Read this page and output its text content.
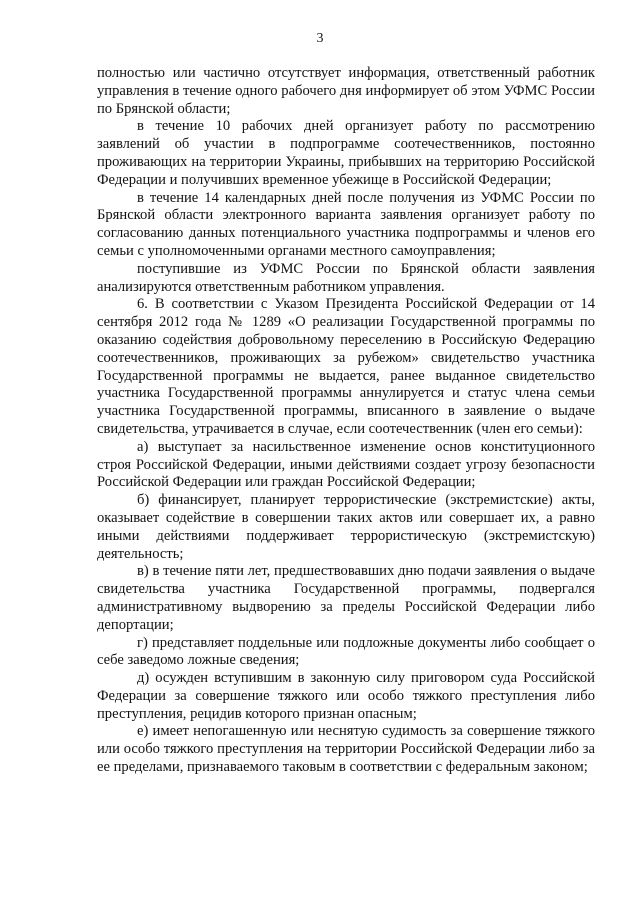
3

полностью или частично отсутствует информация, ответственный работник управления в течение одного рабочего дня информирует об этом УФМС России по Брянской области;

в течение 10 рабочих дней организует работу по рассмотрению заявлений об участии в подпрограмме соотечественников, постоянно проживающих на территории Украины, прибывших на территорию Российской Федерации и получивших временное убежище в Российской Федерации;

в течение 14 календарных дней после получения из УФМС России по Брянской области электронного варианта заявления организует работу по согласованию данных потенциального участника подпрограммы и членов его семьи с уполномоченными органами местного самоуправления;

поступившие из УФМС России по Брянской области заявления анализируются ответственным работником управления.

6. В соответствии с Указом Президента Российской Федерации от 14 сентября 2012 года № 1289 «О реализации Государственной программы по оказанию содействия добровольному переселению в Российскую Федерацию соотечественников, проживающих за рубежом» свидетельство участника Государственной программы не выдается, ранее выданное свидетельство участника Государственной программы аннулируется и статус члена семьи участника Государственной программы, вписанного в заявление о выдаче свидетельства, утрачивается в случае, если соотечественник (член его семьи):

а) выступает за насильственное изменение основ конституционного строя Российской Федерации, иными действиями создает угрозу безопасности Российской Федерации или граждан Российской Федерации;

б) финансирует, планирует террористические (экстремистские) акты, оказывает содействие в совершении таких актов или совершает их, а равно иными действиями поддерживает террористическую (экстремистскую) деятельность;

в) в течение пяти лет, предшествовавших дню подачи заявления о выдаче свидетельства участника Государственной программы, подвергался административному выдворению за пределы Российской Федерации либо депортации;

г) представляет поддельные или подложные документы либо сообщает о себе заведомо ложные сведения;

д) осужден вступившим в законную силу приговором суда Российской Федерации за совершение тяжкого или особо тяжкого преступления либо преступления, рецидив которого признан опасным;

е) имеет непогашенную или неснятую судимость за совершение тяжкого или особо тяжкого преступления на территории Российской Федерации либо за ее пределами, признаваемого таковым в соответствии с федеральным законом;
